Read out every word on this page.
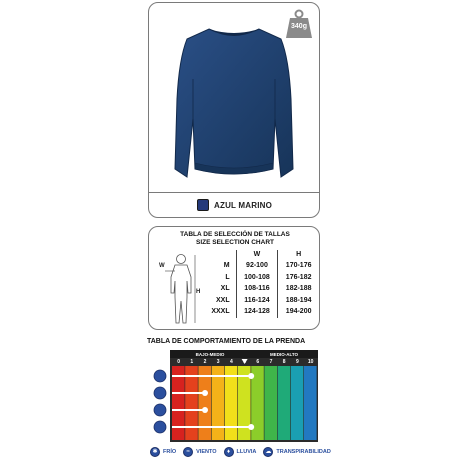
340g
AZUL MARINO
TABLA DE SELECCIÓN DE TALLAS
SIZE SELECTION CHART
W
H
	W	H
M	92-100	170-176
L	100-108	176-182
XL	108-116	182-188
XXL	116-124	188-194
XXXL	124-128	194-200
TABLA DE COMPORTAMIENTO DE LA PRENDA
BAJO-MEDIO	MEDIO-ALTO
0 1 2 3 4	6 7 8 9 10
✱ FRÍO	≈	VIENTO	♦	LLUVIA	☁ TRANSPIRABILIDAD
